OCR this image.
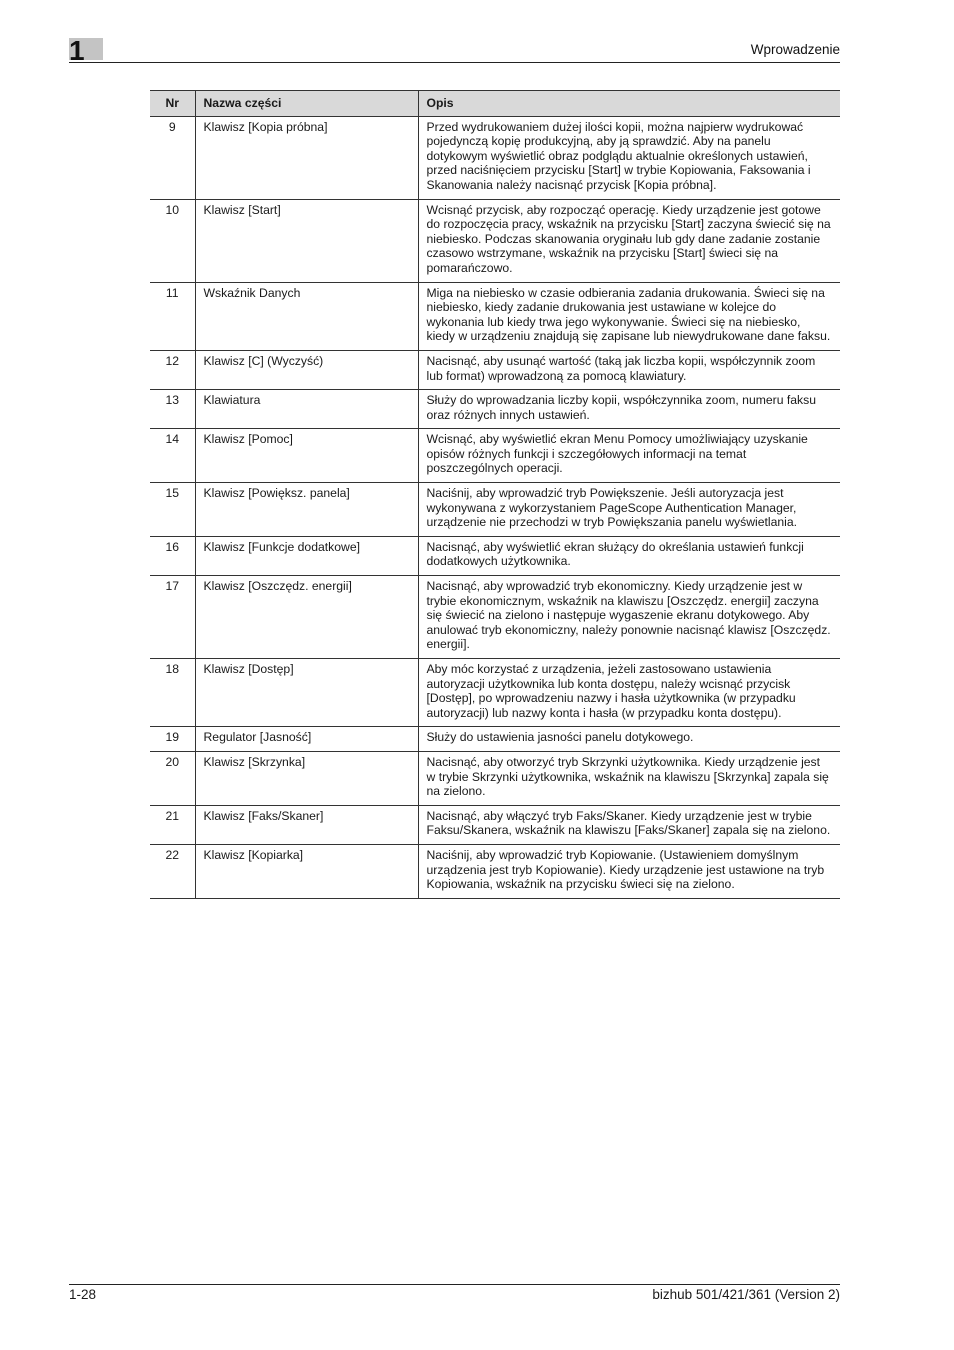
1	Wprowadzenie
Nr	Nazwa części	Opis
9	Klawisz [Kopia próbna]	Przed wydrukowaniem dużej ilości kopii, można najpierw wydrukować pojedynczą kopię produkcyjną, aby ją sprawdzić. Aby na panelu dotykowym wyświetlić obraz podglądu aktualnie określonych ustawień, przed naciśnięciem przycisku [Start] w trybie Kopiowania, Faksowania i Skanowania należy nacisnąć przycisk [Kopia próbna].
10	Klawisz [Start]	Wcisnąć przycisk, aby rozpocząć operację. Kiedy urządzenie jest gotowe do rozpoczęcia pracy, wskaźnik na przycisku [Start] zaczyna świecić się na niebiesko. Podczas skanowania oryginału lub gdy dane zadanie zostanie czasowo wstrzymane, wskaźnik na przycisku [Start] świeci się na pomarańczowo.
11	Wskaźnik Danych	Miga na niebiesko w czasie odbierania zadania drukowania. Świeci się na niebiesko, kiedy zadanie drukowania jest ustawiane w kolejce do wykonania lub kiedy trwa jego wykonywanie. Świeci się na niebiesko, kiedy w urządzeniu znajdują się zapisane lub niewydrukowane dane faksu.
12	Klawisz [C] (Wyczyść)	Nacisnąć, aby usunąć wartość (taką jak liczba kopii, współczynnik zoom lub format) wprowadzoną za pomocą klawiatury.
13	Klawiatura	Służy do wprowadzania liczby kopii, współczynnika zoom, numeru faksu oraz różnych innych ustawień.
14	Klawisz [Pomoc]	Wcisnąć, aby wyświetlić ekran Menu Pomocy umożliwiający uzyskanie opisów różnych funkcji i szczegółowych informacji na temat poszczególnych operacji.
15	Klawisz [Powiększ. panela]	Naciśnij, aby wprowadzić tryb Powiększenie. Jeśli autoryzacja jest wykonywana z wykorzystaniem PageScope Authentication Manager, urządzenie nie przechodzi w tryb Powiększania panelu wyświetlania.
16	Klawisz [Funkcje dodatkowe]	Nacisnąć, aby wyświetlić ekran służący do określania ustawień funkcji dodatkowych użytkownika.
17	Klawisz [Oszczędz. energii]	Nacisnąć, aby wprowadzić tryb ekonomiczny. Kiedy urządzenie jest w trybie ekonomicznym, wskaźnik na klawiszu [Oszczędz. energii] zaczyna się świecić na zielono i następuje wygaszenie ekranu dotykowego. Aby anulować tryb ekonomiczny, należy ponownie nacisnąć klawisz [Oszczędz. energii].
18	Klawisz [Dostęp]	Aby móc korzystać z urządzenia, jeżeli zastosowano ustawienia autoryzacji użytkownika lub konta dostępu, należy wcisnąć przycisk [Dostęp], po wprowadzeniu nazwy i hasła użytkownika (w przypadku autoryzacji) lub nazwy konta i hasła (w przypadku konta dostępu).
19	Regulator [Jasność]	Służy do ustawienia jasności panelu dotykowego.
20	Klawisz [Skrzynka]	Nacisnąć, aby otworzyć tryb Skrzynki użytkownika. Kiedy urządzenie jest w trybie Skrzynki użytkownika, wskaźnik na klawiszu [Skrzynka] zapala się na zielono.
21	Klawisz [Faks/Skaner]	Nacisnąć, aby włączyć tryb Faks/Skaner. Kiedy urządzenie jest w trybie Faksu/Skanera, wskaźnik na klawiszu [Faks/Skaner] zapala się na zielono.
22	Klawisz [Kopiarka]	Naciśnij, aby wprowadzić tryb Kopiowanie. (Ustawieniem domyślnym urządzenia jest tryb Kopiowanie). Kiedy urządzenie jest ustawione na tryb Kopiowania, wskaźnik na przycisku świeci się na zielono.
1-28	bizhub 501/421/361 (Version 2)
